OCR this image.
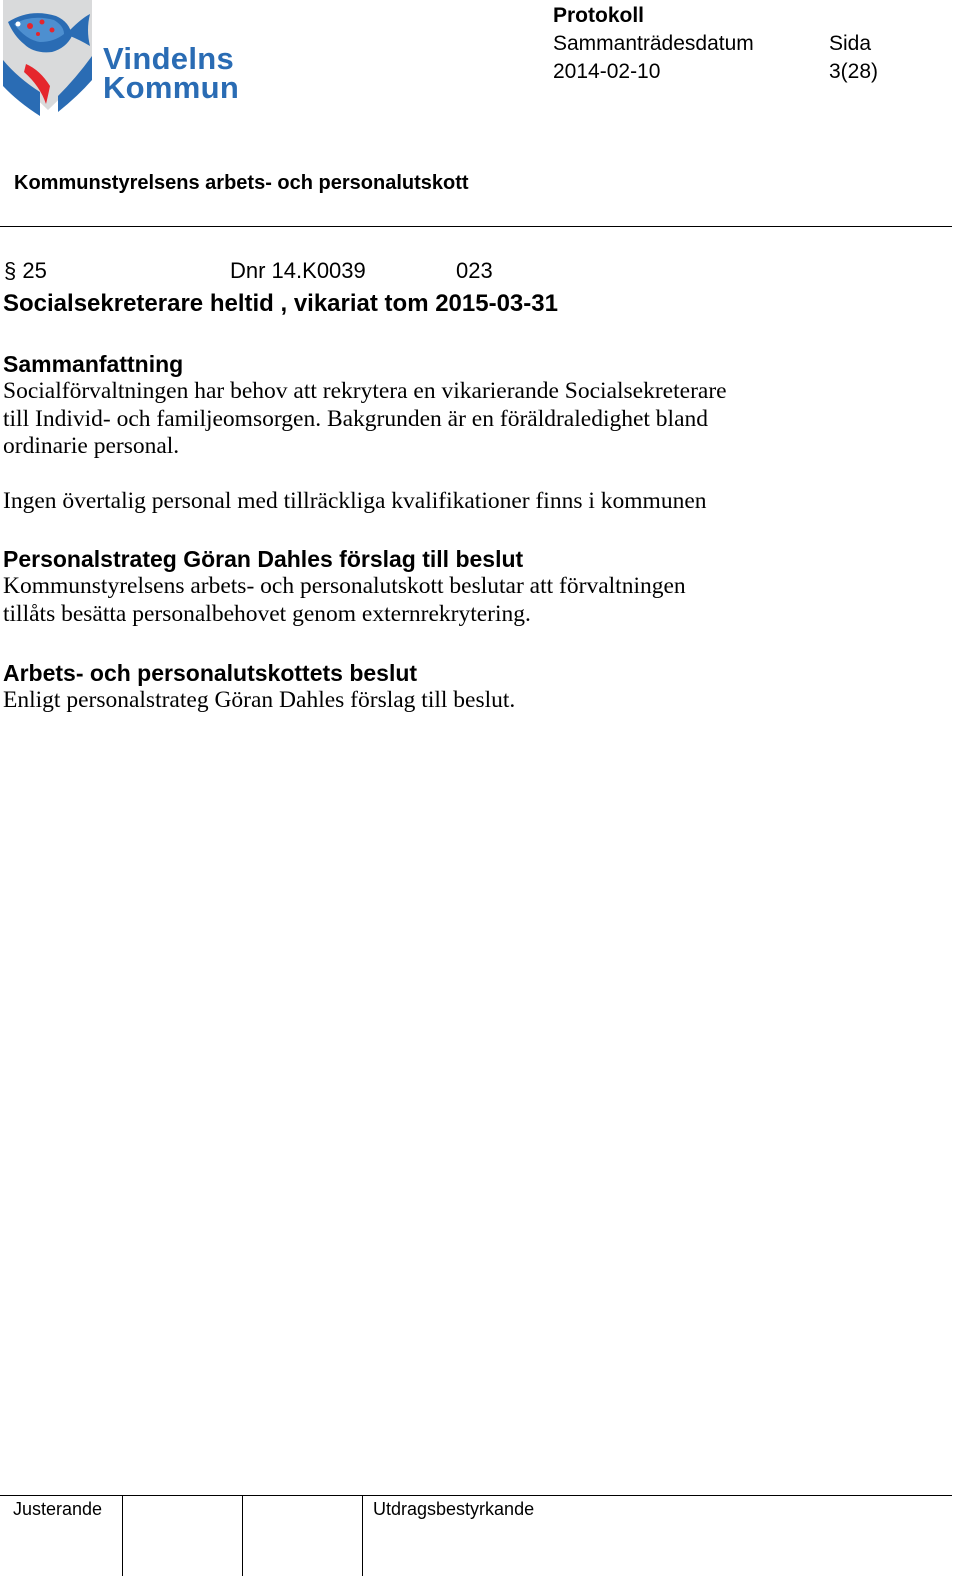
Vindelns
Kommun
Protokoll
Sammanträdesdatum	Sida
2014-02-10	3(28)
Kommunstyrelsens arbets- och personalutskott
§ 25	Dnr 14.K0039	023
Socialsekreterare heltid , vikariat tom 2015-03-31
Sammanfattning
Socialförvaltningen har behov att rekrytera en vikarierande Socialsekreterare
till Individ- och familjeomsorgen. Bakgrunden är en föräldraledighet bland
ordinarie personal.
Ingen övertalig personal med tillräckliga kvalifikationer finns i kommunen
Personalstrateg Göran Dahles förslag till beslut
Kommunstyrelsens arbets- och personalutskott beslutar att förvaltningen
tillåts besätta personalbehovet genom externrekrytering.
Arbets- och personalutskottets beslut
Enligt personalstrateg Göran Dahles förslag till beslut.
Justerande	Utdragsbestyrkande
